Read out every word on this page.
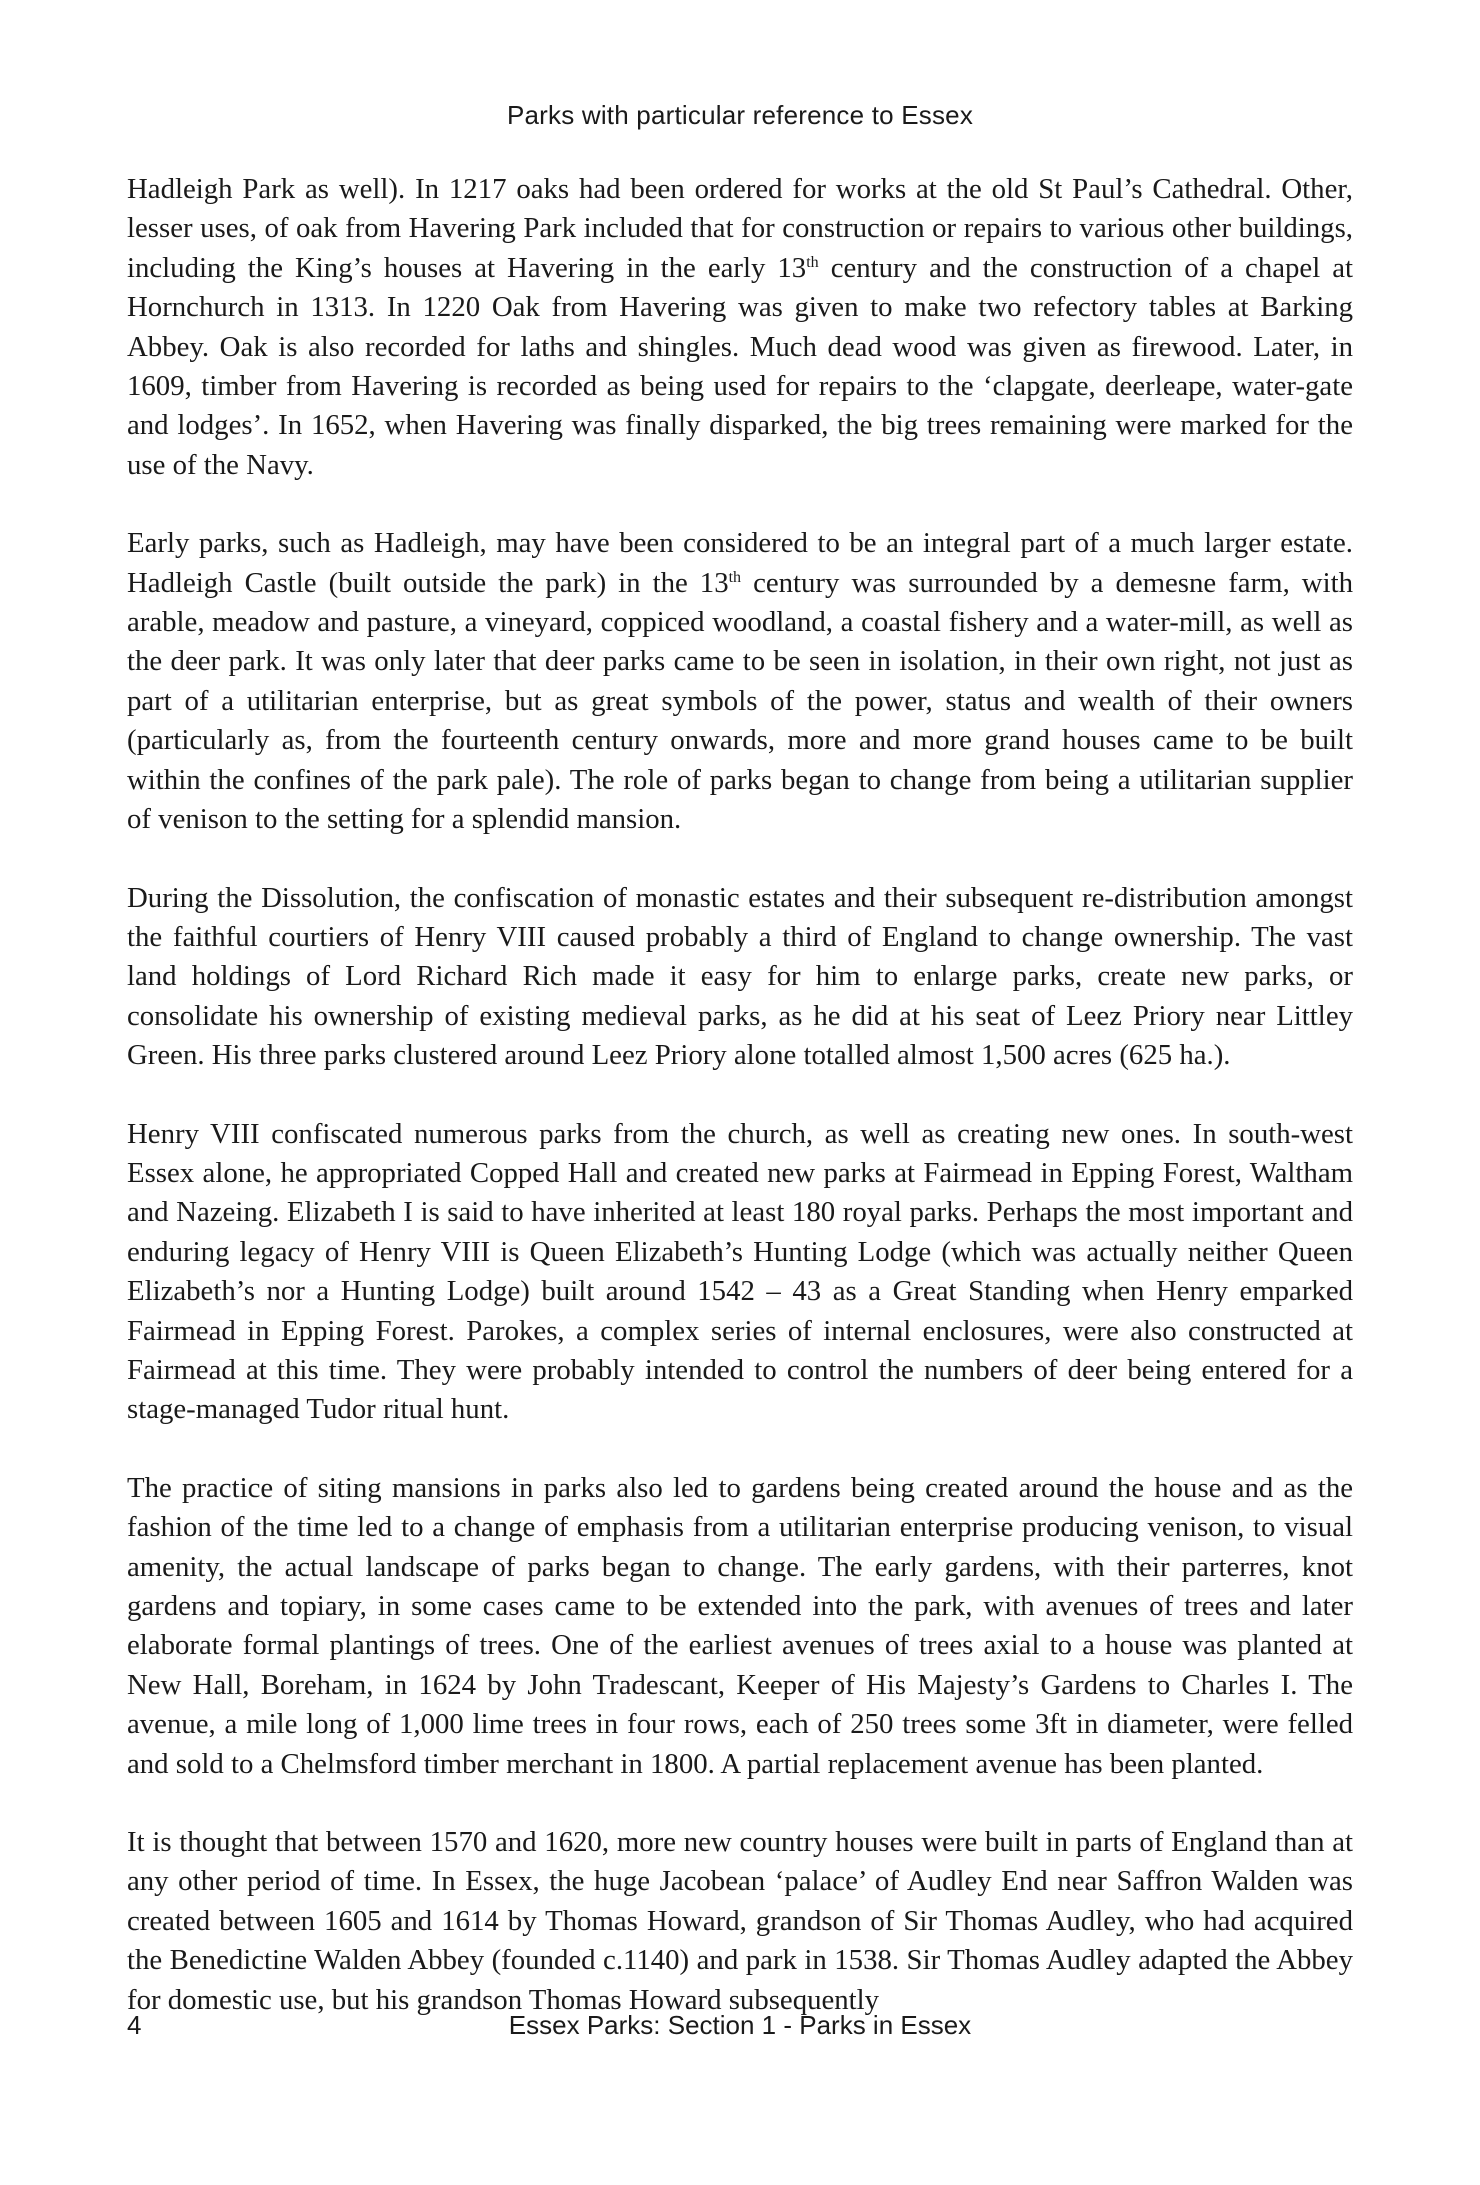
Parks with particular reference to Essex

Hadleigh Park as well). In 1217 oaks had been ordered for works at the old St Paul’s Cathedral. Other, lesser uses, of oak from Havering Park included that for construction or repairs to various other buildings, including the King’s houses at Havering in the early 13th century and the construction of a chapel at Hornchurch in 1313. In 1220 Oak from Havering was given to make two refectory tables at Barking Abbey. Oak is also recorded for laths and shingles. Much dead wood was given as firewood. Later, in 1609, timber from Havering is recorded as being used for repairs to the ‘clapgate, deerleape, water-gate and lodges’. In 1652, when Havering was finally disparked, the big trees remaining were marked for the use of the Navy.

Early parks, such as Hadleigh, may have been considered to be an integral part of a much larger estate. Hadleigh Castle (built outside the park) in the 13th century was surrounded by a demesne farm, with arable, meadow and pasture, a vineyard, coppiced woodland, a coastal fishery and a water-mill, as well as the deer park. It was only later that deer parks came to be seen in isolation, in their own right, not just as part of a utilitarian enterprise, but as great symbols of the power, status and wealth of their owners (particularly as, from the fourteenth century onwards, more and more grand houses came to be built within the confines of the park pale). The role of parks began to change from being a utilitarian supplier of venison to the setting for a splendid mansion.

During the Dissolution, the confiscation of monastic estates and their subsequent re-distribution amongst the faithful courtiers of Henry VIII caused probably a third of England to change ownership. The vast land holdings of Lord Richard Rich made it easy for him to enlarge parks, create new parks, or consolidate his ownership of existing medieval parks, as he did at his seat of Leez Priory near Littley Green. His three parks clustered around Leez Priory alone totalled almost 1,500 acres (625 ha.).

Henry VIII confiscated numerous parks from the church, as well as creating new ones. In south-west Essex alone, he appropriated Copped Hall and created new parks at Fairmead in Epping Forest, Waltham and Nazeing. Elizabeth I is said to have inherited at least 180 royal parks. Perhaps the most important and enduring legacy of Henry VIII is Queen Elizabeth’s Hunting Lodge (which was actually neither Queen Elizabeth’s nor a Hunting Lodge) built around 1542 – 43 as a Great Standing when Henry emparked Fairmead in Epping Forest. Parokes, a complex series of internal enclosures, were also constructed at Fairmead at this time. They were probably intended to control the numbers of deer being entered for a stage-managed Tudor ritual hunt.

The practice of siting mansions in parks also led to gardens being created around the house and as the fashion of the time led to a change of emphasis from a utilitarian enterprise producing venison, to visual amenity, the actual landscape of parks began to change. The early gardens, with their parterres, knot gardens and topiary, in some cases came to be extended into the park, with avenues of trees and later elaborate formal plantings of trees. One of the earliest avenues of trees axial to a house was planted at New Hall, Boreham, in 1624 by John Tradescant, Keeper of His Majesty’s Gardens to Charles I. The avenue, a mile long of 1,000 lime trees in four rows, each of 250 trees some 3ft in diameter, were felled and sold to a Chelmsford timber merchant in 1800. A partial replacement avenue has been planted.

It is thought that between 1570 and 1620, more new country houses were built in parts of England than at any other period of time. In Essex, the huge Jacobean ‘palace’ of Audley End near Saffron Walden was created between 1605 and 1614 by Thomas Howard, grandson of Sir Thomas Audley, who had acquired the Benedictine Walden Abbey (founded c.1140) and park in 1538. Sir Thomas Audley adapted the Abbey for domestic use, but his grandson Thomas Howard subsequently

Essex Parks: Section 1 - Parks in Essex
4
